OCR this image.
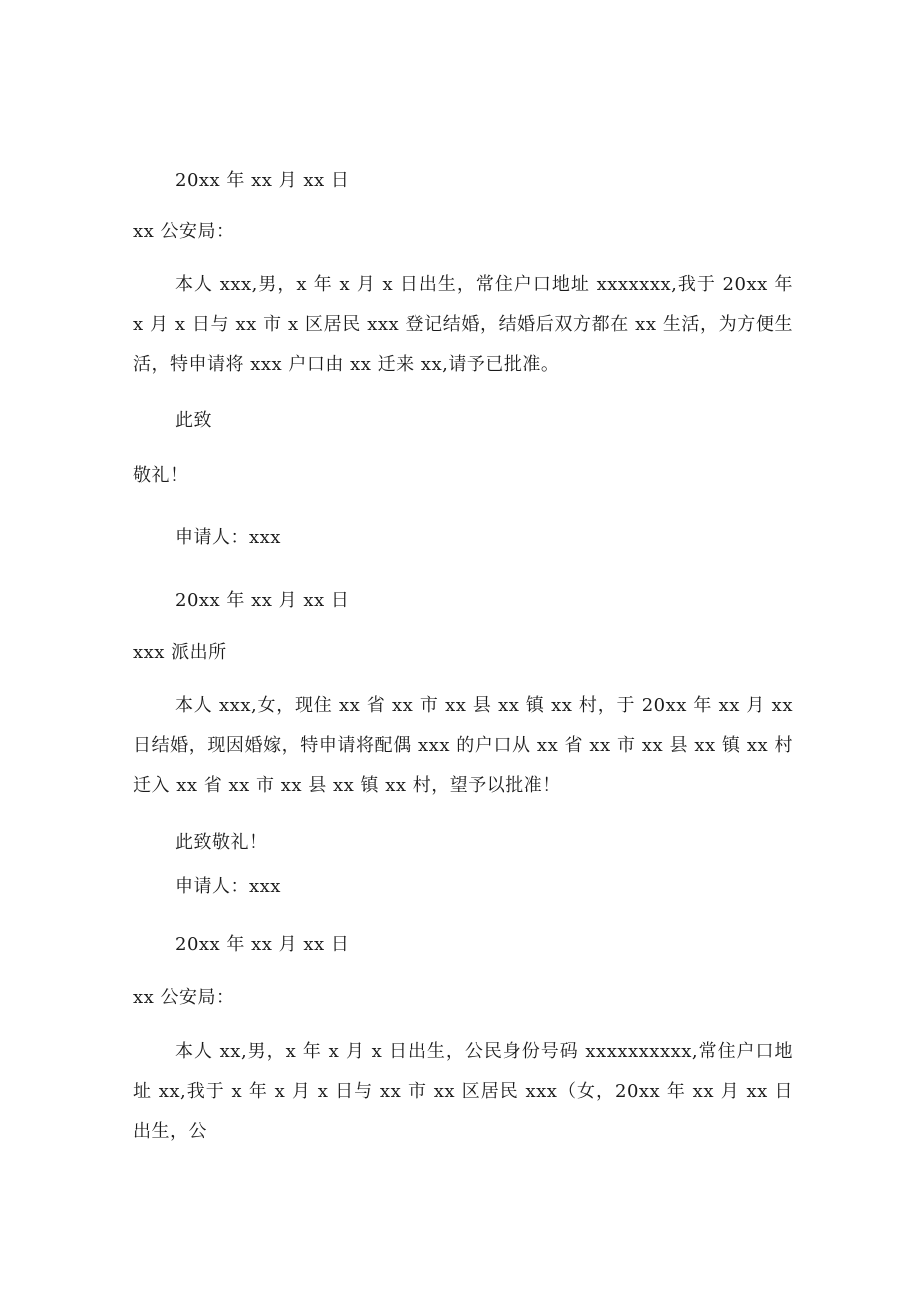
20xx 年 xx 月 xx 日
xx 公安局：
本人 xxx,男，x 年 x 月 x 日出生，常住户口地址 xxxxxxx,我于 20xx 年 x 月 x 日与 xx 市 x 区居民 xxx 登记结婚，结婚后双方都在 xx 生活，为方便生活，特申请将 xxx 户口由 xx 迁来 xx,请予已批准。
此致
敬礼！
申请人：xxx
20xx 年 xx 月 xx 日
xxx 派出所
本人 xxx,女，现住 xx 省 xx 市 xx 县 xx 镇 xx 村，于 20xx 年 xx 月 xx 日结婚，现因婚嫁，特申请将配偶 xxx 的户口从 xx 省 xx 市 xx 县 xx 镇 xx 村迁入 xx 省 xx 市 xx 县 xx 镇 xx 村，望予以批准！
此致敬礼！
申请人：xxx
20xx 年 xx 月 xx 日
xx 公安局：
本人 xx,男，x 年 x 月 x 日出生，公民身份号码 xxxxxxxxxx,常住户口地址 xx,我于 x 年 x 月 x 日与 xx 市 xx 区居民 xxx（女，20xx 年 xx 月 xx 日出生，公
